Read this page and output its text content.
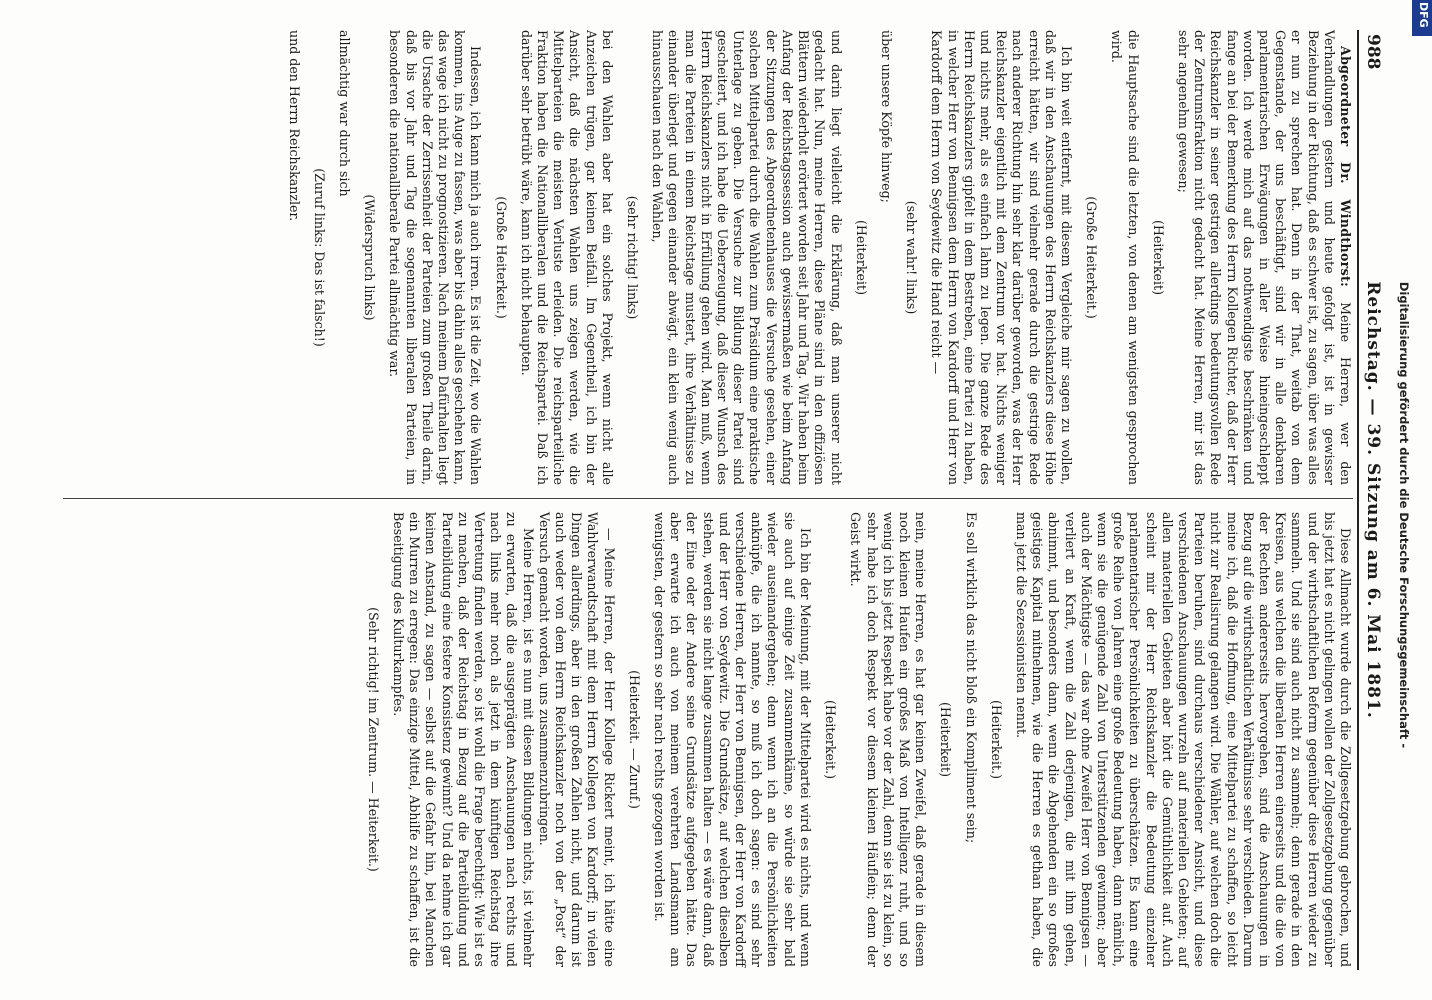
988
Reichstag. — 39. Sitzung am 6. Mai 1881.

Abgeordneter Dr. Windthorst: Meine Herren, wer den Verhandlungen gestern und heute gefolgt ist, ist in gewisser Beziehung in der Richtung, daß es schwer ist, zu sagen, über was alles er nun zu sprechen hat. Denn in der That, weitab von dem Gegenstande, der uns beschäftigt, sind wir in alle denkbaren parlamentarischen Erwägungen in aller Weise hineingeschleppt worden. Ich werde mich auf das nothwendigste beschränken und fange an bei der Bemerkung des Herrn Kollegen Richter, daß der Herr Reichskanzler in seiner gestrigen allerdings bedeutungsvollen Rede der Zentrumsfraktion nicht gedacht hat. Meine Herren, mir ist das sehr angenehm gewesen;

(Heiterkeit)

die Hauptsache sind die letzten, von denen am wenigsten gesprochen wird.

(Große Heiterkeit.)

Ich bin weit entfernt, mit diesem Vergleiche mir sagen zu wollen, daß wir in den Anschauungen des Herrn Reichskanzlers diese Höhe erreicht hätten, wir sind vielmehr gerade durch die gestrige Rede nach anderer Richtung hin sehr klar darüber geworden, was der Herr Reichskanzler eigentlich mit dem Zentrum vor hat. Nichts weniger und nichts mehr, als es einfach lahm zu legen. Die ganze Rede des Herrn Reichskanzlers gipfelt in dem Bestreben, eine Partei zu haben, in welcher Herr von Bennigsen dem Herrn von Kardorff und Herr von Kardorff dem Herrn von Seydewitz die Hand reicht —

(sehr wahr! links)

über unsere Köpfe hinweg;

(Heiterkeit)

und darin liegt vielleicht die Erklärung, daß man unserer nicht gedacht hat. Nun, meine Herren, diese Pläne sind in den offiziösen Blättern wiederholt erörtert worden seit Jahr und Tag. Wir haben beim Anfang der Reichstagssession auch gewissermaßen wie beim Anfang der Sitzungen des Abgeordnetenhauses die Versuche gesehen, einer solchen Mittelpartei durch die Wahlen zum Präsidium eine praktische Unterlage zu geben. Die Versuche zur Bildung dieser Partei sind gescheitert, und ich habe die Ueberzeugung, daß dieser Wunsch des Herrn Reichskanzlers nicht in Erfüllung gehen wird. Man muß, wenn man die Parteien in einem Reichstage mustert, ihre Verhältnisse zu einander überlegt und gegen einander abwägt, ein klein wenig auch hinausschauen nach den Wahlen,

(sehr richtig! links)

bei den Wahlen aber hat ein solches Projekt, wenn nicht alle Anzeichen trügen, gar keinen Beifall. Im Gegentheil, ich bin der Ansicht, daß die nächsten Wahlen uns zeigen werden, wie die Mittelparteien die meisten Verluste erleiden. Die reichsparteiliche Fraktion haben die Nationalliberalen und die Reichspartei. Daß ich darüber sehr betrübt wäre, kann ich nicht behaupten.

(Große Heiterkeit.)

Indessen, ich kann mich ja auch irren. Es ist die Zeit, wo die Wahlen kommen, ins Auge zu fassen, was aber bis dahin alles geschehen kann, das wage ich nicht zu prognostizieren. Nach meinem Dafürhalten liegt die Ursache der Zerrissenheit der Parteien zum großen Theile darin, daß bis vor Jahr und Tag die sogenannten liberalen Parteien, im besonderen die nationalliberale Partei allmächtig war.

(Widerspruch links)

allmächtig war durch sich

(Zuruf links: Das ist falsch!)

und den Herrn Reichskanzler.

Diese Allmacht wurde durch die Zollgesetzgebung gebrochen, und bis jetzt hat es nicht gelingen wollen der Zollgesetzgebung gegenüber und der wirthschaftlichen Reform gegenüber diese Herren wieder zu sammeln. Und sie sind auch nicht zu sammeln; denn gerade in den Kreisen, aus welchen die liberalen Herren einerseits und die die von der Rechten andererseits hervorgehen, sind die Anschauungen in Bezug auf die wirthschaftlichen Verhältnisse sehr verschieden. Darum meine ich, daß die Hoffnung, eine Mittelpartei zu schaffen, so leicht nicht zur Realisirung gelangen wird. Die Wähler, auf welchen doch die Parteien beruhen, sind durchaus verschiedener Ansicht, und diese verschiedenen Anschauungen wurzeln auf materiellen Gebieten; auf allen materiellen Gebieten aber hört die Gemüthlichkeit auf. Auch scheint mir der Herr Reichskanzler die Bedeutung einzelner parlamentarischer Persönlichkeiten zu überschätzen. Es kann eine große Reihe von Jahren eine große Bedeutung haben, dann nämlich, wenn sie die genügende Zahl von Unterstützenden gewinnen; aber auch der Mächtigste — das war ohne Zweifel Herr von Bennigsen — verliert an Kraft, wenn die Zahl derjenigen, die mit ihm gehen, abnimmt, und besonders dann, wenn die Abgehenden ein so großes geistiges Kapital mitnehmen, wie die Herren es gethan haben, die man jetzt die Sezessionisten nennt.

(Heiterkeit.)

Es soll wirklich das nicht bloß ein Kompliment sein;

(Heiterkeit)

nein, meine Herren, es hat gar keinen Zweifel, daß gerade in diesem noch kleinen Haufen ein großes Maß von Intelligenz ruht, und so wenig ich bis jetzt Respekt habe vor der Zahl, denn sie ist zu klein, so sehr habe ich doch Respekt vor diesem kleinen Häuflein; denn der Geist wirkt.

(Heiterkeit.)

Ich bin der Meinung, mit der Mittelpartei wird es nichts, und wenn sie auch auf einige Zeit zusammenkäme, so würde sie sehr bald wieder auseinandergehen; denn wenn ich an die Persönlichkeiten anknüpfe, die ich nannte, so muß ich doch sagen: es sind sehr verschiedene Herren, der Herr von Bennigsen, der Herr von Kardorff und der Herr von Seydewitz. Die Grundsätze, auf welchen dieselben stehen, werden sie nicht lange zusammen halten — es wäre dann, daß der Eine oder der Andere seine Grundsätze aufgegeben hätte. Das aber erwarte ich auch von meinem verehrten Landsmann am wenigsten, der gestern so sehr nach rechts gezogen worden ist.

(Heiterkeit. — Zuruf.)

— Meine Herren, der Herr Kollege Rickert meint, ich hätte eine Wahlverwandtschaft mit dem Herrn Kollegen von Kardorff; in vielen Dingen allerdings, aber in den großen Zahlen nicht, und darum ist auch weder von dem Herrn Reichskanzler noch von der „Post“ der Versuch gemacht worden, uns zusammenzubringen.

Meine Herren, ist es nun mit diesen Bildungen nichts, ist vielmehr zu erwarten, daß die ausgeprägten Anschauungen nach rechts und nach links mehr noch als jetzt in dem künftigen Reichstag ihre Vertretung finden werden, so ist wohl die Frage berechtigt: Wie ist es zu machen, daß der Reichstag in Bezug auf die Parteibildung und Parteibildung eine festere Konsistenz gewinnt? Und da nehme ich gar keinen Anstand, zu sagen — selbst auf die Gefahr hin, bei Manchen ein Murren zu erregen: Das einzige Mittel, Abhilfe zu schaffen, ist die Beseitigung des Kulturkampfes.

(Sehr richtig! im Zentrum. — Heiterkeit.)	Digitalisierung gefördert durch die Deutsche Forschungsgemeinschaft -
DFG
